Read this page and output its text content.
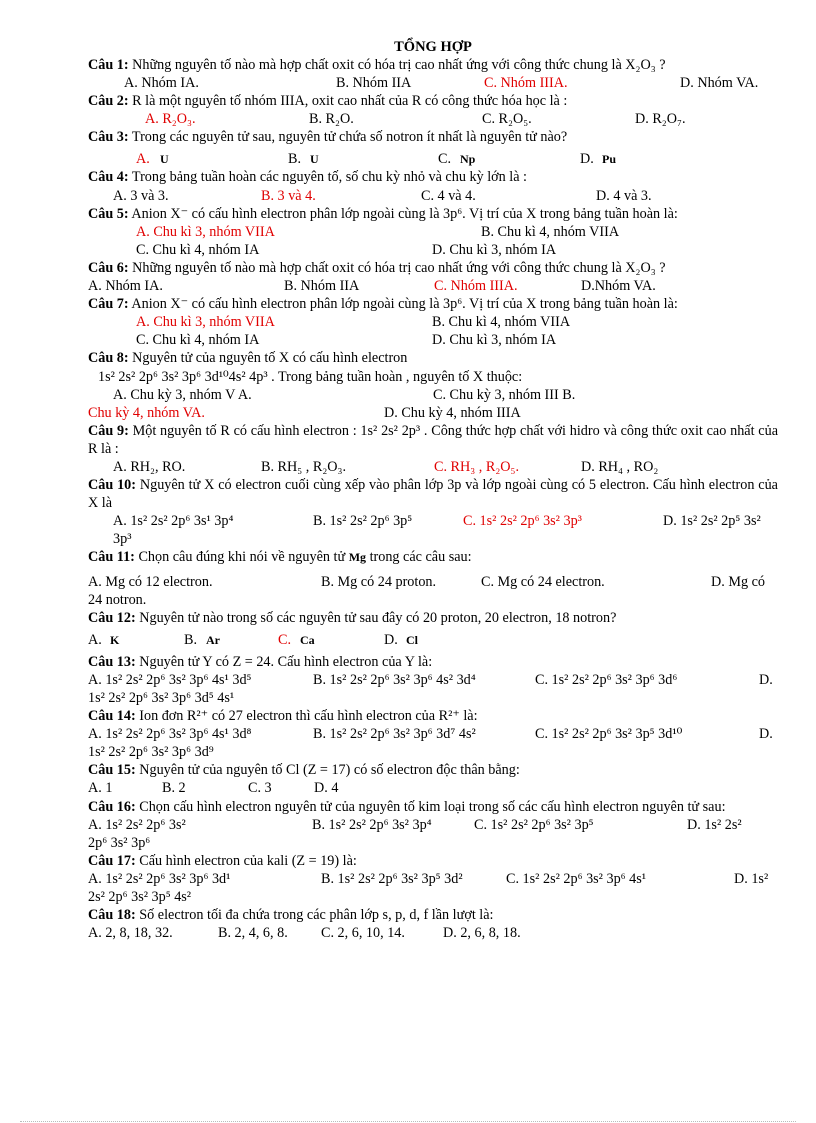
TỔNG HỢP
Câu 1: Những nguyên tố nào mà hợp chất oxit có hóa trị cao nhất ứng với công thức chung là X₂O₃ ?
A. Nhóm IA.	B. Nhóm IIA	C. Nhóm IIIA.	D. Nhóm VA.
Câu 2: R là một nguyên tố nhóm IIIA, oxit cao nhất của R có công thức hóa học là :
A. R₂O₃.	B. R₂O.	C. R₂O₅.	D. R₂O₇.
Câu 3: Trong các nguyên tử sau, nguyên tử chứa số notron ít nhất là nguyên tử nào?
A. U	B. U	C. Np	D. Pu
Câu 4: Trong bảng tuần hoàn các nguyên tố, số chu kỳ nhỏ và chu kỳ lớn là :
A. 3 và 3.	B. 3 và 4.	C. 4 và 4.	D. 4 và 3.
Câu 5: Anion X⁻ có cấu hình electron phân lớp ngoài cùng là 3p⁶. Vị trí của X trong bảng tuần hoàn là:
A. Chu kì 3, nhóm VIIA	B. Chu kì 4, nhóm VIIA
C. Chu kì 4, nhóm IA	D. Chu kì 3, nhóm IA
Câu 6: Những nguyên tố nào mà hợp chất oxit có hóa trị cao nhất ứng với công thức chung là X₂O₃ ?
A. Nhóm IA.	B. Nhóm IIA	C. Nhóm IIIA.	D.Nhóm VA.
Câu 7: Anion X⁻ có cấu hình electron phân lớp ngoài cùng là 3p⁶. Vị trí của X trong bảng tuần hoàn là:
A. Chu kì 3, nhóm VIIA	B. Chu kì 4, nhóm VIIA
C. Chu kì 4, nhóm IA	D. Chu kì 3, nhóm IA
Câu 8: Nguyên tử của nguyên tố X có cấu hình electron
1s² 2s² 2p⁶ 3s² 3p⁶ 3d¹⁰4s² 4p³ . Trong bảng tuần hoàn , nguyên tố X thuộc:
A. Chu kỳ 3, nhóm V A.	C. Chu kỳ 3, nhóm III B.
Chu kỳ 4, nhóm VA.	D. Chu kỳ 4, nhóm IIIA
Câu 9: Một nguyên tố R có cấu hình electron : 1s² 2s² 2p³ . Công thức hợp chất với hidro và công thức oxit cao nhất của R là :
A. RH₂, RO.	B. RH₅ , R₂O₃.	C. RH₃ , R₂O₅.	D. RH₄ , RO₂
Câu 10: Nguyên tử X có electron cuối cùng xếp vào phân lớp 3p và lớp ngoài cùng có 5 electron. Cấu hình electron của X là
A. 1s² 2s² 2p⁶ 3s¹ 3p⁴	B. 1s² 2s² 2p⁶ 3p⁵	C. 1s² 2s² 2p⁶ 3s² 3p³	D. 1s² 2s² 2p⁵ 3s²
3p³
Câu 11: Chọn câu đúng khi nói về nguyên tử Mg trong các câu sau:
A. Mg có 12 electron.	B. Mg có 24 proton.	C. Mg có 24 electron.	D. Mg có
24 notron.
Câu 12: Nguyên tử nào trong số các nguyên tử sau đây có 20 proton, 20 electron, 18 notron?
A. K	B. Ar	C. Ca	D. Cl
Câu 13: Nguyên tử Y có Z = 24. Cấu hình electron của Y là:
A. 1s² 2s² 2p⁶ 3s² 3p⁶ 4s¹ 3d⁵	B. 1s² 2s² 2p⁶ 3s² 3p⁶ 4s² 3d⁴	C. 1s² 2s² 2p⁶ 3s² 3p⁶ 3d⁶	D.
1s² 2s² 2p⁶ 3s² 3p⁶ 3d⁵ 4s¹
Câu 14: Ion đơn R²⁺ có 27 electron thì cấu hình electron của R²⁺ là:
A. 1s² 2s² 2p⁶ 3s² 3p⁶ 4s¹ 3d⁸	B. 1s² 2s² 2p⁶ 3s² 3p⁶ 3d⁷ 4s²	C. 1s² 2s² 2p⁶ 3s² 3p⁵ 3d¹⁰	D.
1s² 2s² 2p⁶ 3s² 3p⁶ 3d⁹
Câu 15: Nguyên tử của nguyên tố Cl (Z = 17) có số electron độc thân bằng:
A. 1	B. 2	C. 3	D. 4
Câu 16: Chọn cấu hình electron nguyên tử của nguyên tố kim loại trong số các cấu hình electron nguyên tử sau:
A. 1s² 2s² 2p⁶ 3s²	B. 1s² 2s² 2p⁶ 3s² 3p⁴	C. 1s² 2s² 2p⁶ 3s² 3p⁵	D. 1s² 2s²
2p⁶ 3s² 3p⁶
Câu 17: Cấu hình electron của kali (Z = 19) là:
A. 1s² 2s² 2p⁶ 3s² 3p⁶ 3d¹	B. 1s² 2s² 2p⁶ 3s² 3p⁵ 3d²	C. 1s² 2s² 2p⁶ 3s² 3p⁶ 4s¹	D. 1s²
2s² 2p⁶ 3s² 3p⁵ 4s²
Câu 18: Số electron tối đa chứa trong các phân lớp s, p, d, f lần lượt là:
A. 2, 8, 18, 32.	B. 2, 4, 6, 8.	C. 2, 6, 10, 14.	D. 2, 6, 8, 18.
